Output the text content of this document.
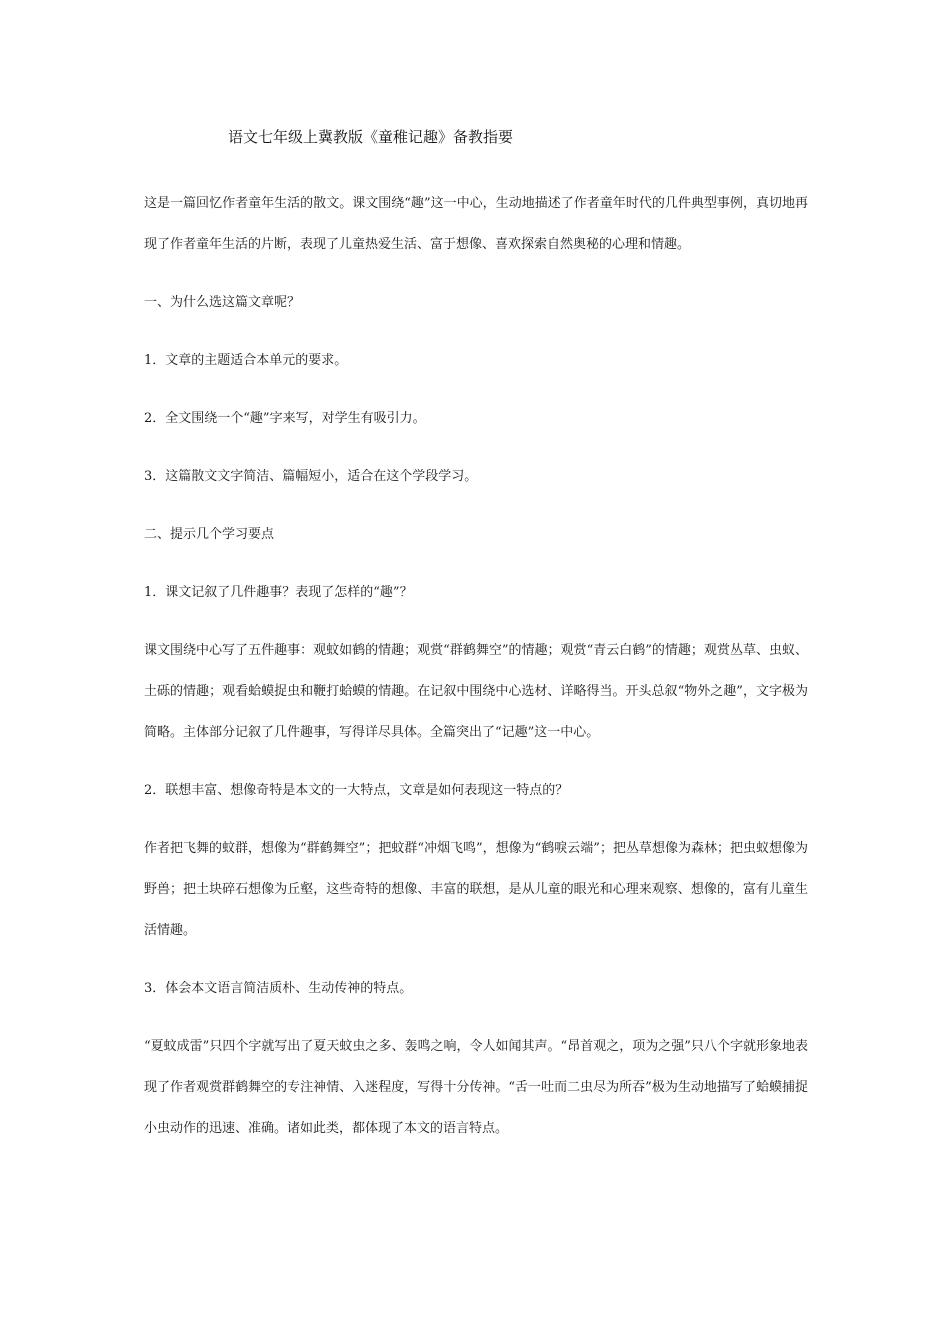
语文七年级上冀教版《童稚记趣》备教指要

这是一篇回忆作者童年生活的散文。课文围绕“趣”这一中心，生动地描述了作者童年时代的几件典型事例，真切地再现了作者童年生活的片断，表现了儿童热爱生活、富于想像、喜欢探索自然奥秘的心理和情趣。

一、为什么选这篇文章呢？

1．文章的主题适合本单元的要求。

2．全文围绕一个“趣”字来写，对学生有吸引力。

3．这篇散文文字简洁、篇幅短小，适合在这个学段学习。

二、提示几个学习要点

1．课文记叙了几件趣事？表现了怎样的“趣”？

课文围绕中心写了五件趣事：观蚊如鹤的情趣；观赏“群鹤舞空”的情趣；观赏“青云白鹤”的情趣；观赏丛草、虫蚁、土砾的情趣；观看蛤蟆捉虫和鞭打蛤蟆的情趣。在记叙中围绕中心选材、详略得当。开头总叙“物外之趣”，文字极为简略。主体部分记叙了几件趣事，写得详尽具体。全篇突出了“记趣”这一中心。

2．联想丰富、想像奇特是本文的一大特点，文章是如何表现这一特点的？

作者把飞舞的蚊群，想像为“群鹤舞空”；把蚊群“冲烟飞鸣”，想像为“鹤唳云端”；把丛草想像为森林；把虫蚁想像为野兽；把土块碎石想像为丘壑，这些奇特的想像、丰富的联想，是从儿童的眼光和心理来观察、想像的，富有儿童生活情趣。

3．体会本文语言简洁质朴、生动传神的特点。

“夏蚊成雷”只四个字就写出了夏天蚊虫之多、轰鸣之响，令人如闻其声。“昂首观之，项为之强”只八个字就形象地表现了作者观赏群鹤舞空的专注神情、入迷程度，写得十分传神。“舌一吐而二虫尽为所吞”极为生动地描写了蛤蟆捕捉小虫动作的迅速、准确。诸如此类，都体现了本文的语言特点。
